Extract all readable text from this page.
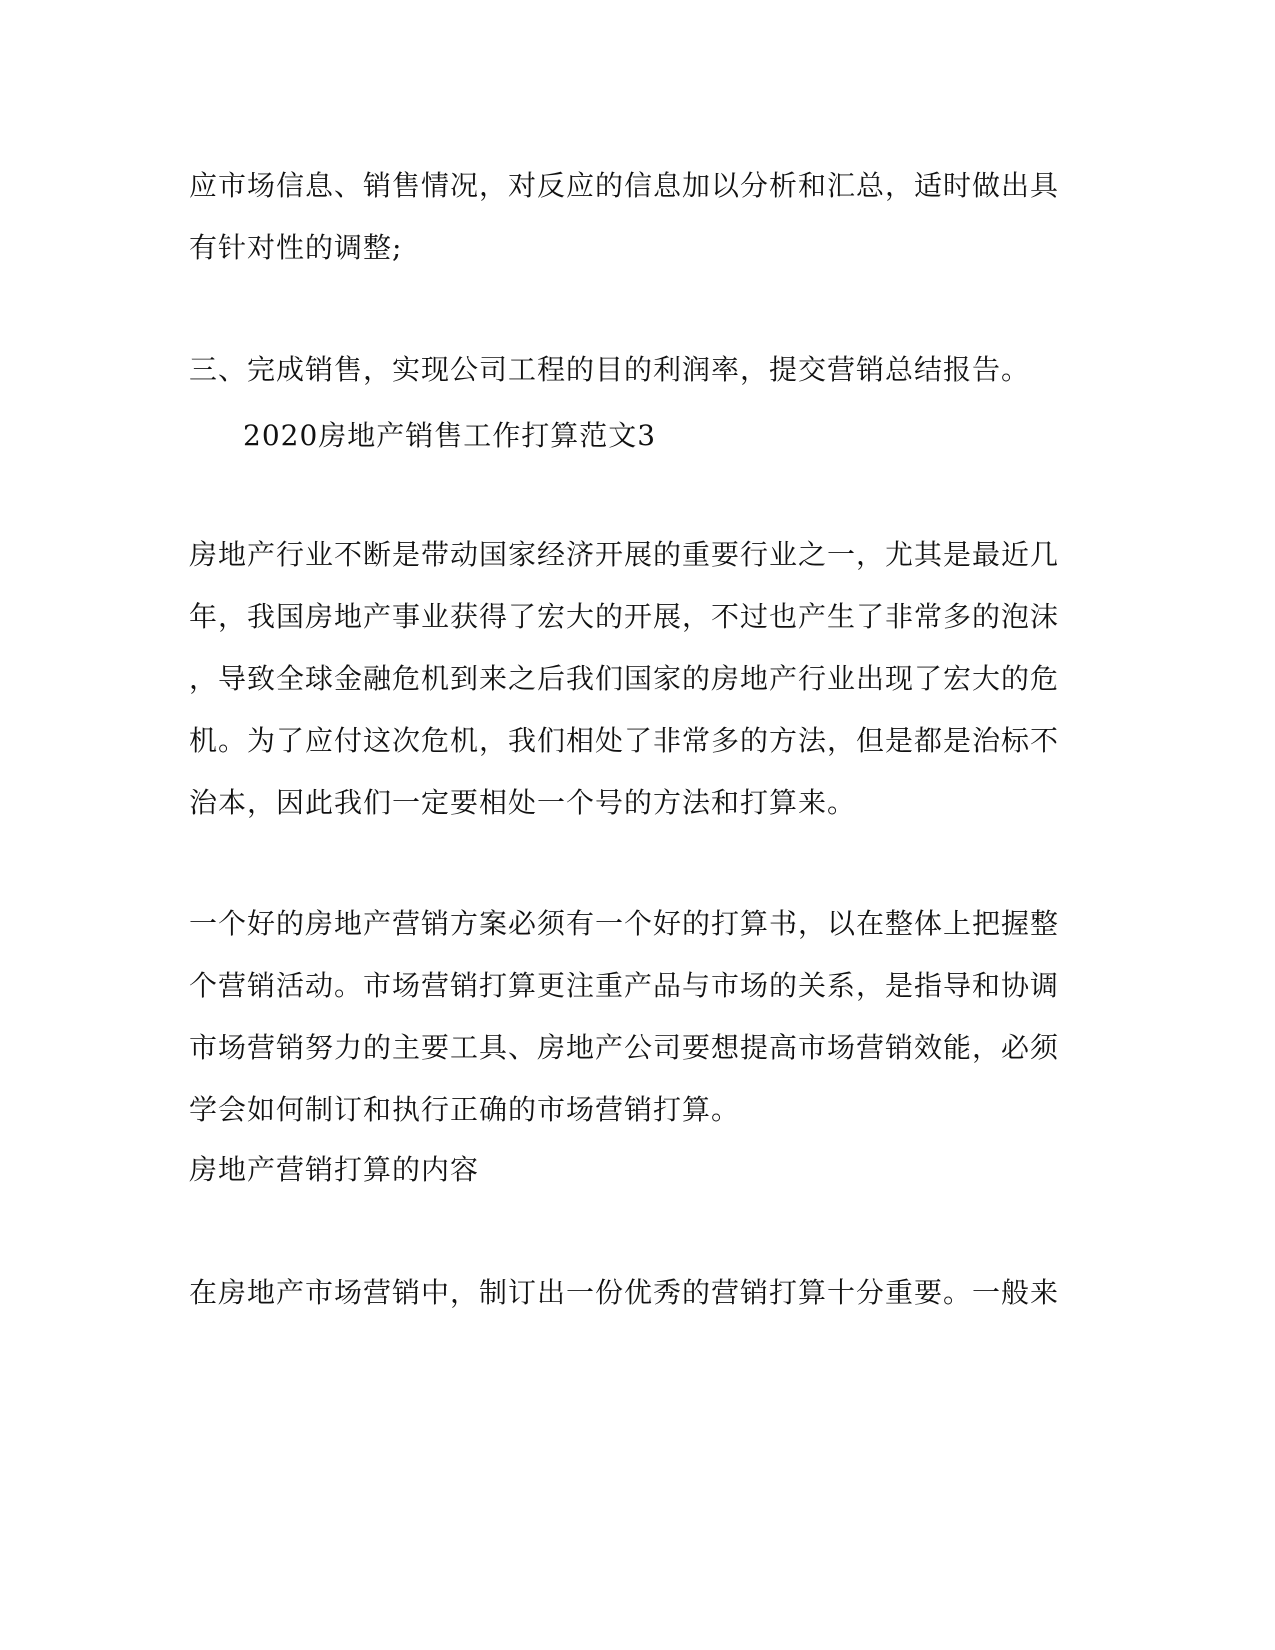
应市场信息、销售情况，对反应的信息加以分析和汇总，适时做出具
有针对性的调整;
三、完成销售，实现公司工程的目的利润率，提交营销总结报告。
2020房地产销售工作打算范文3
房地产行业不断是带动国家经济开展的重要行业之一，尤其是最近几
年，我国房地产事业获得了宏大的开展，不过也产生了非常多的泡沫
，导致全球金融危机到来之后我们国家的房地产行业出现了宏大的危
机。为了应付这次危机，我们相处了非常多的方法，但是都是治标不
治本，因此我们一定要相处一个号的方法和打算来。
一个好的房地产营销方案必须有一个好的打算书，以在整体上把握整
个营销活动。市场营销打算更注重产品与市场的关系，是指导和协调
市场营销努力的主要工具、房地产公司要想提高市场营销效能，必须
学会如何制订和执行正确的市场营销打算。
房地产营销打算的内容
在房地产市场营销中，制订出一份优秀的营销打算十分重要。一般来
